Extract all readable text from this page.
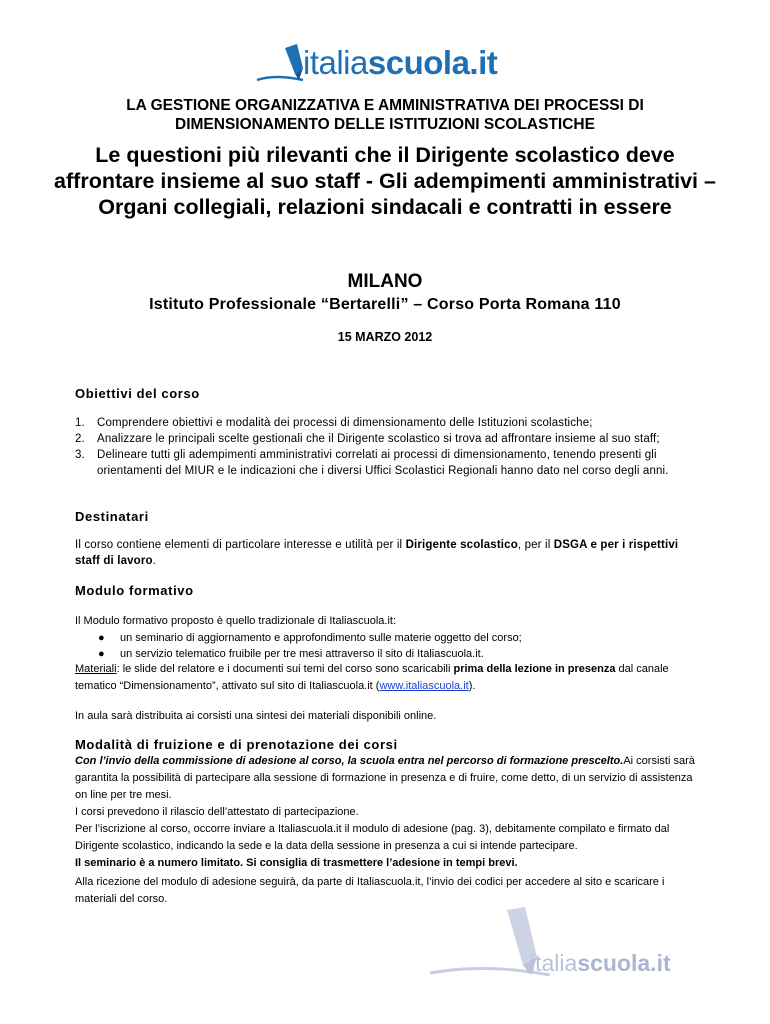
italiascuola.it
LA GESTIONE ORGANIZZATIVA E AMMINISTRATIVA DEI PROCESSI DI
DIMENSIONAMENTO DELLE ISTITUZIONI SCOLASTICHE
Le questioni più rilevanti che il Dirigente scolastico deve
affrontare insieme al suo staff - Gli adempimenti amministrativi –
Organi collegiali, relazioni sindacali e contratti in essere
MILANO
Istituto Professionale “Bertarelli” – Corso Porta Romana 110
15 MARZO 2012
Obiettivi del corso
1. Comprendere obiettivi e modalità dei processi di dimensionamento delle Istituzioni scolastiche;
2. Analizzare le principali scelte gestionali che il Dirigente scolastico si trova ad affrontare insieme al suo staff;
3. Delineare tutti gli adempimenti amministrativi correlati ai processi di dimensionamento, tenendo presenti gli orientamenti del MIUR e le indicazioni che i diversi Uffici Scolastici Regionali hanno dato nel corso degli anni.
Destinatari
Il corso contiene elementi di particolare interesse e utilità per il Dirigente scolastico, per il DSGA e per i rispettivi staff di lavoro.
Modulo formativo
Il Modulo formativo proposto è quello tradizionale di Italiascuola.it:
● un seminario di aggiornamento e approfondimento sulle materie oggetto del corso;
● un servizio telematico fruibile per tre mesi attraverso il sito di Italiascuola.it.
Materiali: le slide del relatore e i documenti sui temi del corso sono scaricabili prima della lezione in presenza dal canale tematico “Dimensionamento”, attivato sul sito di Italiascuola.it (www.italiascuola.it).
In aula sarà distribuita ai corsisti una sintesi dei materiali disponibili online.
Modalità di fruizione e di prenotazione dei corsi
Con l’invio della commissione di adesione al corso, la scuola entra nel percorso di formazione prescelto.Ai corsisti sarà garantita la possibilità di partecipare alla sessione di formazione in presenza e di fruire, come detto, di un servizio di assistenza on line per tre mesi.
I corsi prevedono il rilascio dell’attestato di partecipazione.
Per l’iscrizione al corso, occorre inviare a Italiascuola.it il modulo di adesione (pag. 3), debitamente compilato e firmato dal Dirigente scolastico, indicando la sede e la data della sessione in presenza a cui si intende partecipare.
Il seminario è a numero limitato. Si consiglia di trasmettere l’adesione in tempi brevi.
Alla ricezione del modulo di adesione seguirà, da parte di Italiascuola.it, l’invio dei codici per accedere al sito e scaricare i materiali del corso.
italiascuola.it
